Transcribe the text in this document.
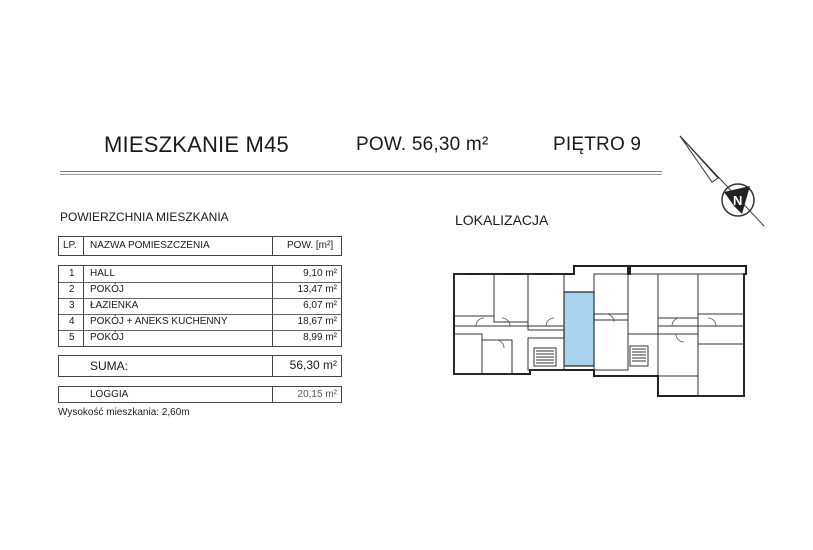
MIESZKANIE M45	POW. 56,30 m²	PIĘTRO 9
N
POWIERZCHNIA MIESZKANIA
LP. NAZWA POMIESZCZENIA	POW. [m²]
1 HALL	9,10 m²
2 POKÓJ	13,47 m²
3 ŁAZIENKA	6,07 m²
4 POKÓJ + ANEKS KUCHENNY	18,67 m²
5 POKÓJ	8,99 m²
SUMA:	56,30 m²
LOGGIA	20,15 m²
Wysokość mieszkania: 2,60m
LOKALIZACJA
